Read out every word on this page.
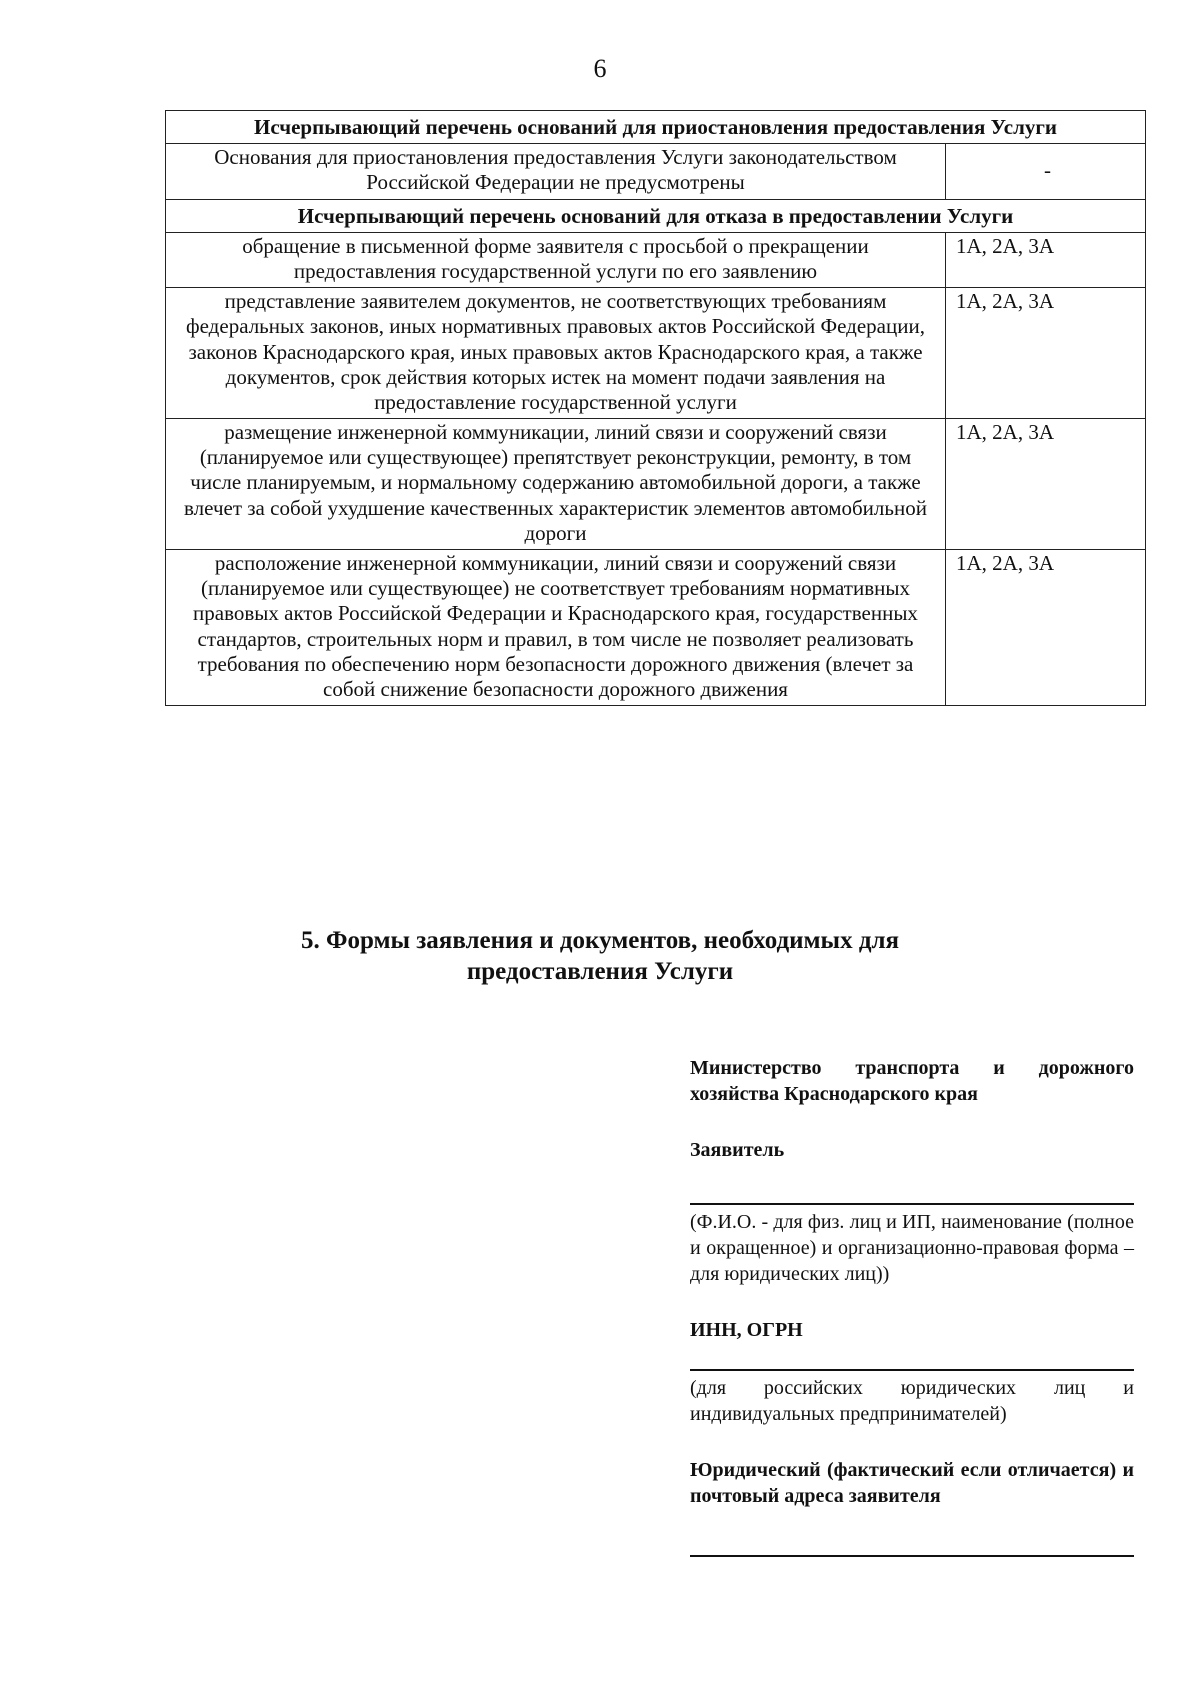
6
Исчерпывающий перечень оснований для приостановления предоставления Услуги	
Основания для приостановления предоставления Услуги законодательством Российской Федерации не предусмотрены	-
Исчерпывающий перечень оснований для отказа в предоставлении Услуги	
обращение в письменной форме заявителя с просьбой о прекращении предоставления государственной услуги по его заявлению	1А, 2А, 3А
представление заявителем документов, не соответствующих требованиям федеральных законов, иных нормативных правовых актов Российской Федерации, законов Краснодарского края, иных правовых актов Краснодарского края, а также документов, срок действия которых истек на момент подачи заявления на предоставление государственной услуги	1А, 2А, 3А
размещение инженерной коммуникации, линий связи и сооружений связи (планируемое или существующее) препятствует реконструкции, ремонту, в том числе планируемым, и нормальному содержанию автомобильной дороги, а также влечет за собой ухудшение качественных характеристик элементов автомобильной дороги	1А, 2А, 3А
расположение инженерной коммуникации, линий связи и сооружений связи (планируемое или существующее) не соответствует требованиям нормативных правовых актов Российской Федерации и Краснодарского края, государственных стандартов, строительных норм и правил, в том числе не позволяет реализовать требования по обеспечению норм безопасности дорожного движения (влечет за собой снижение безопасности дорожного движения	1А, 2А, 3А
5. Формы заявления и документов, необходимых для предоставления Услуги
Министерство транспорта и дорожного хозяйства Краснодарского края
Заявитель
(Ф.И.О. - для физ. лиц и ИП, наименование (полное и окращенное) и организационно-правовая форма – для юридических лиц))
ИНН, ОГРН
(для российских юридических лиц и индивидуальных предпринимателей)
Юридический (фактический если отличается) и почтовый адреса заявителя
